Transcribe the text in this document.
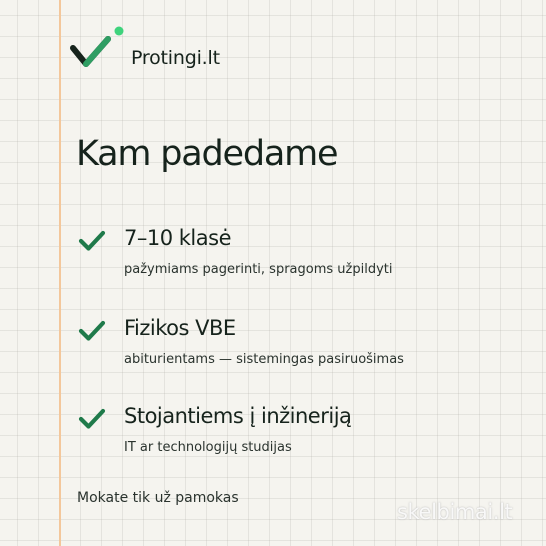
Protingi.lt
Kam padedame
7–10 klasė
pažymiams pagerinti, spragoms užpildyti
Fizikos VBE
abiturientams — sistemingas pasiruošimas
Stojantiems į inžineriją
IT ar technologijų studijas
Mokate tik už pamokas
skelbimai.lt
